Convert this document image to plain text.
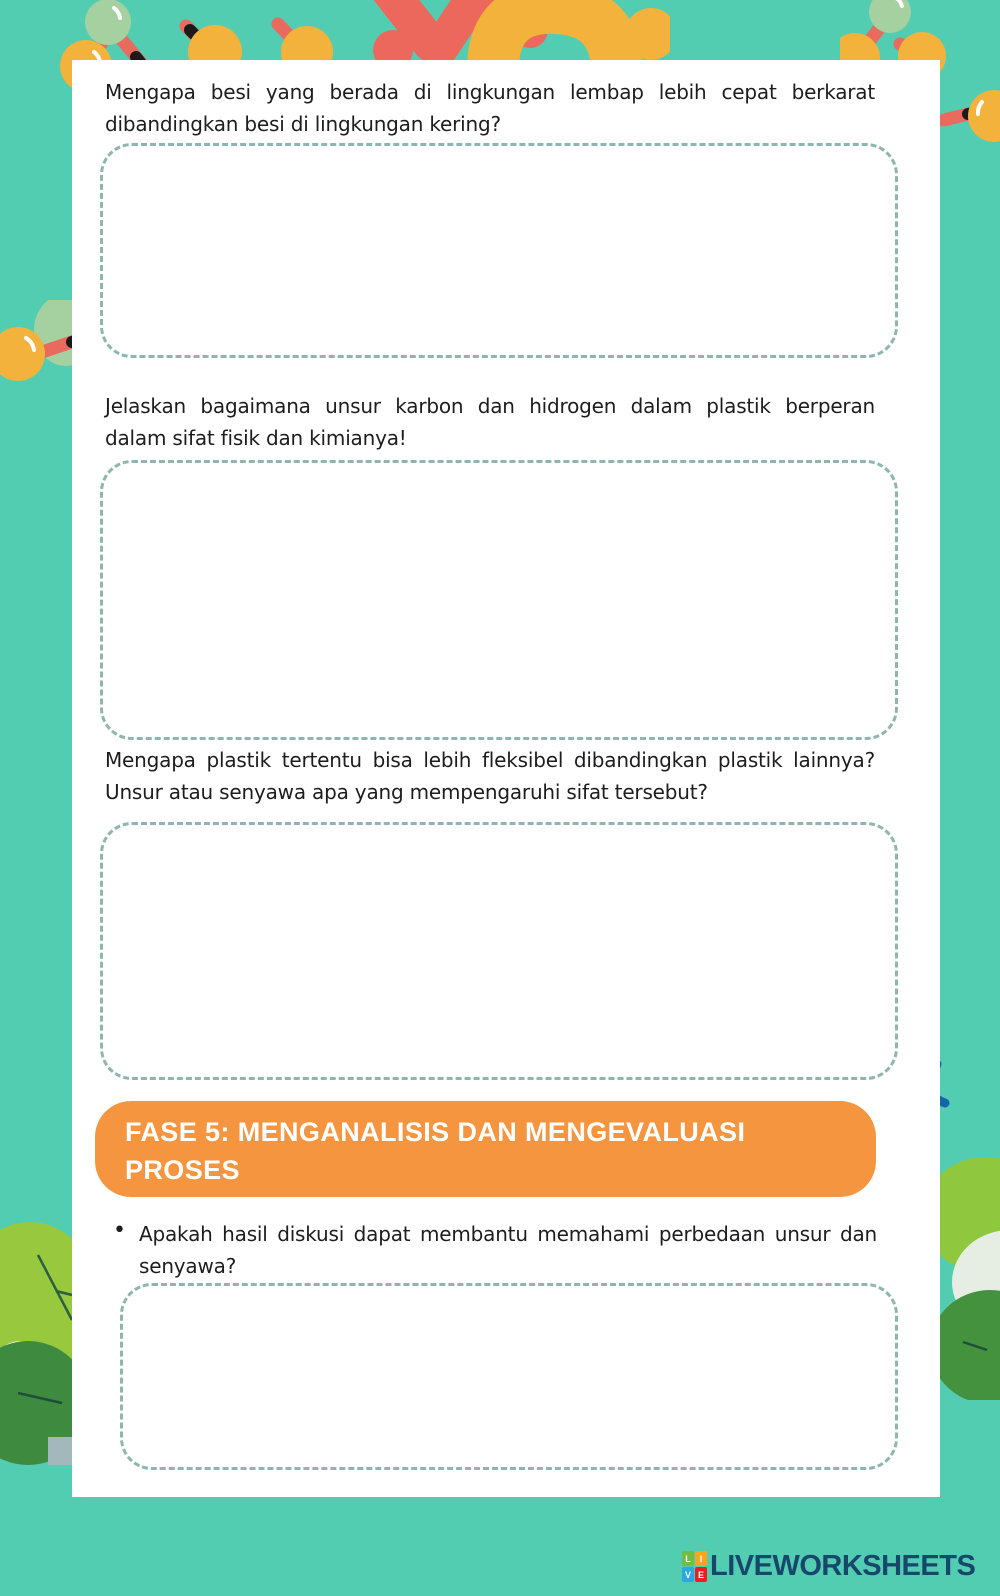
Mengapa besi yang berada di lingkungan lembap lebih cepat berkarat dibandingkan besi di lingkungan kering?
Jelaskan bagaimana unsur karbon dan hidrogen dalam plastik berperan dalam sifat fisik dan kimianya!
Mengapa plastik tertentu bisa lebih fleksibel dibandingkan plastik lainnya? Unsur atau senyawa apa yang mempengaruhi sifat tersebut?
FASE 5: MENGANALISIS DAN MENGEVALUASI PROSES
PEMECAHAN MASALAH
• Apakah hasil diskusi dapat membantu memahami perbedaan unsur dan senyawa?
L I
V E LIVEWORKSHEETS
